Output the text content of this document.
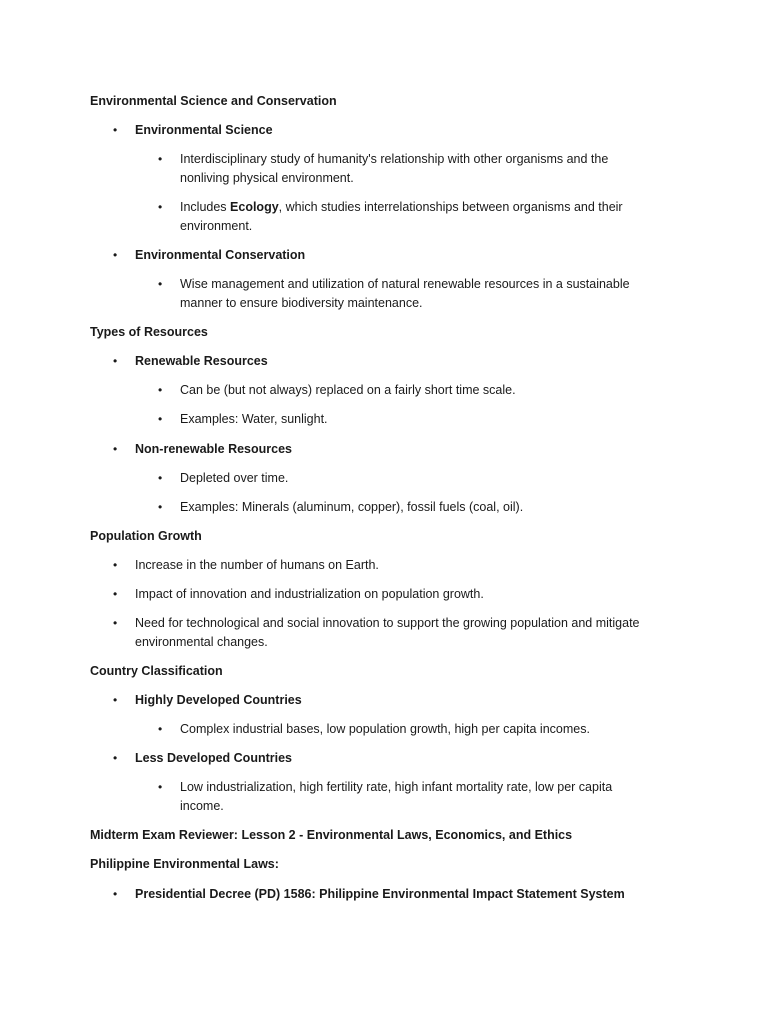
Environmental Science and Conservation
• Environmental Science
• Interdisciplinary study of humanity's relationship with other organisms and the nonliving physical environment.
• Includes Ecology, which studies interrelationships between organisms and their environment.
• Environmental Conservation
• Wise management and utilization of natural renewable resources in a sustainable manner to ensure biodiversity maintenance.
Types of Resources
• Renewable Resources
• Can be (but not always) replaced on a fairly short time scale.
• Examples: Water, sunlight.
• Non-renewable Resources
• Depleted over time.
• Examples: Minerals (aluminum, copper), fossil fuels (coal, oil).
Population Growth
• Increase in the number of humans on Earth.
• Impact of innovation and industrialization on population growth.
• Need for technological and social innovation to support the growing population and mitigate
environmental changes.
Country Classification
• Highly Developed Countries
• Complex industrial bases, low population growth, high per capita incomes.
• Less Developed Countries
• Low industrialization, high fertility rate, high infant mortality rate, low per capita income.
Midterm Exam Reviewer: Lesson 2 - Environmental Laws, Economics, and Ethics
Philippine Environmental Laws:
• Presidential Decree (PD) 1586: Philippine Environmental Impact Statement System
